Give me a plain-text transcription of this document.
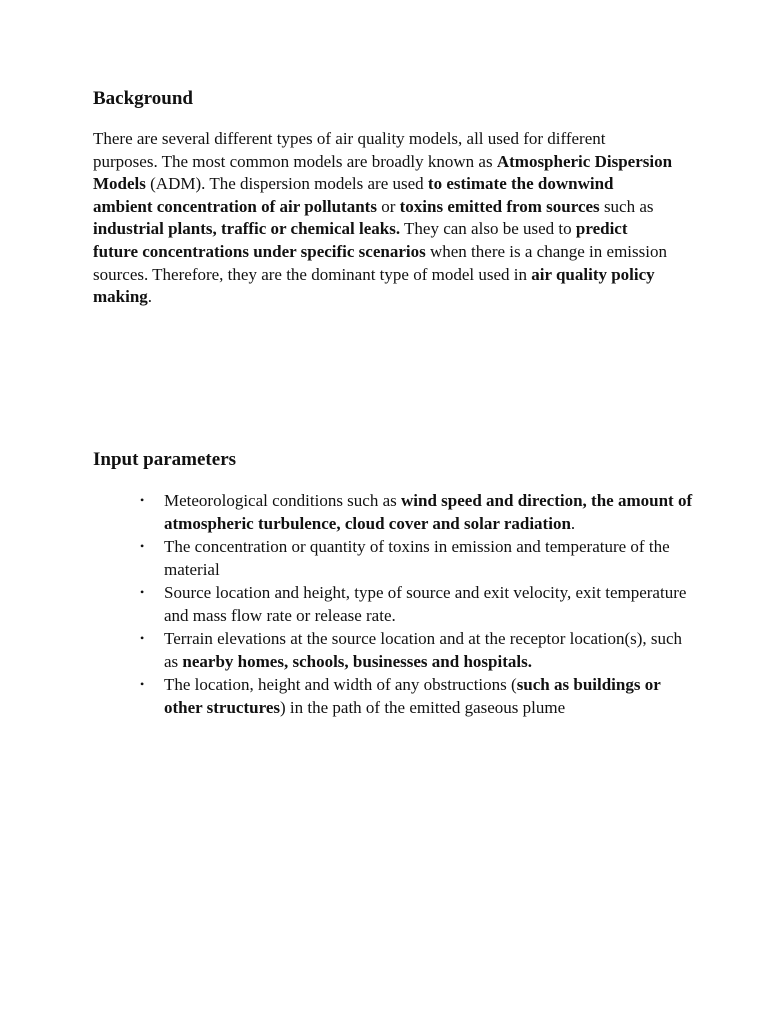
Background

There are several different types of air quality models, all used for different purposes. The most common models are broadly known as Atmospheric Dispersion Models (ADM). The dispersion models are used to estimate the downwind ambient concentration of air pollutants or toxins emitted from sources such as industrial plants, traffic or chemical leaks. They can also be used to predict future concentrations under specific scenarios when there is a change in emission sources. Therefore, they are the dominant type of model used in air quality policy making.

Input parameters
• Meteorological conditions such as wind speed and direction, the amount of atmospheric turbulence, cloud cover and solar radiation.
• The concentration or quantity of toxins in emission and temperature of the material
• Source location and height, type of source and exit velocity, exit temperature and mass flow rate or release rate.
• Terrain elevations at the source location and at the receptor location(s), such as nearby homes, schools, businesses and hospitals.
• The location, height and width of any obstructions (such as buildings or other structures) in the path of the emitted gaseous plume
